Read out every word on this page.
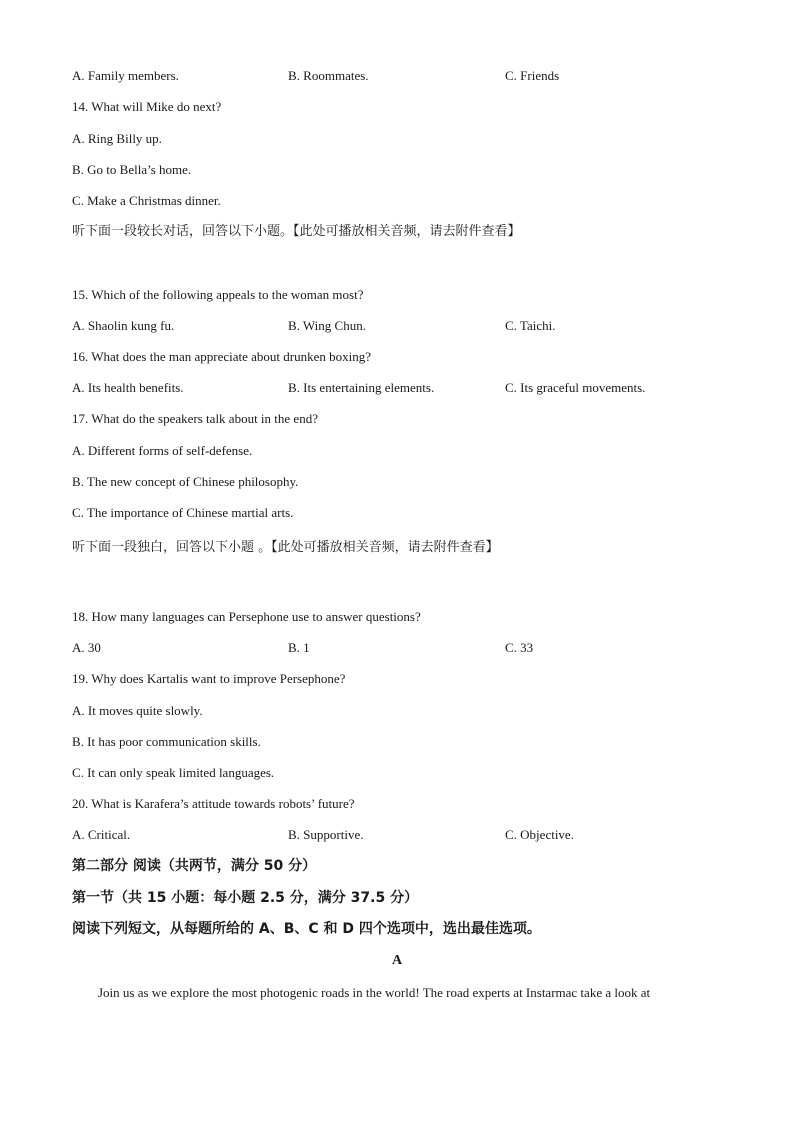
A. Family members.	B. Roommates.	C. Friends
14. What will Mike do next?
A. Ring Billy up.
B. Go to Bella’s home.
C. Make a Christmas dinner.
听下面一段较长对话，回答以下小题。【此处可播放相关音频，请去附件查看】
15. Which of the following appeals to the woman most?
A. Shaolin kung fu.	B. Wing Chun.	C. Taichi.
16. What does the man appreciate about drunken boxing?
A. Its health benefits.	B. Its entertaining elements.	C. Its graceful movements.
17. What do the speakers talk about in the end?
A. Different forms of self-defense.
B. The new concept of Chinese philosophy.
C. The importance of Chinese martial arts.
听下面一段独白，回答以下小题 。【此处可播放相关音频，请去附件查看】
18. How many languages can Persephone use to answer questions?
A. 30	B. 1	C. 33
19. Why does Kartalis want to improve Persephone?
A. It moves quite slowly.
B. It has poor communication skills.
C. It can only speak limited languages.
20. What is Karafera’s attitude towards robots’ future?
A. Critical.	B. Supportive.	C. Objective.
第二部分 阅读（共两节，满分 50 分）
第一节（共 15 小题：每小题 2.5 分，满分 37.5 分）
阅读下列短文，从每题所给的 A、B、C 和 D 四个选项中，选出最佳选项。
A
Join us as we explore the most photogenic roads in the world! The road experts at Instarmac take a look at
